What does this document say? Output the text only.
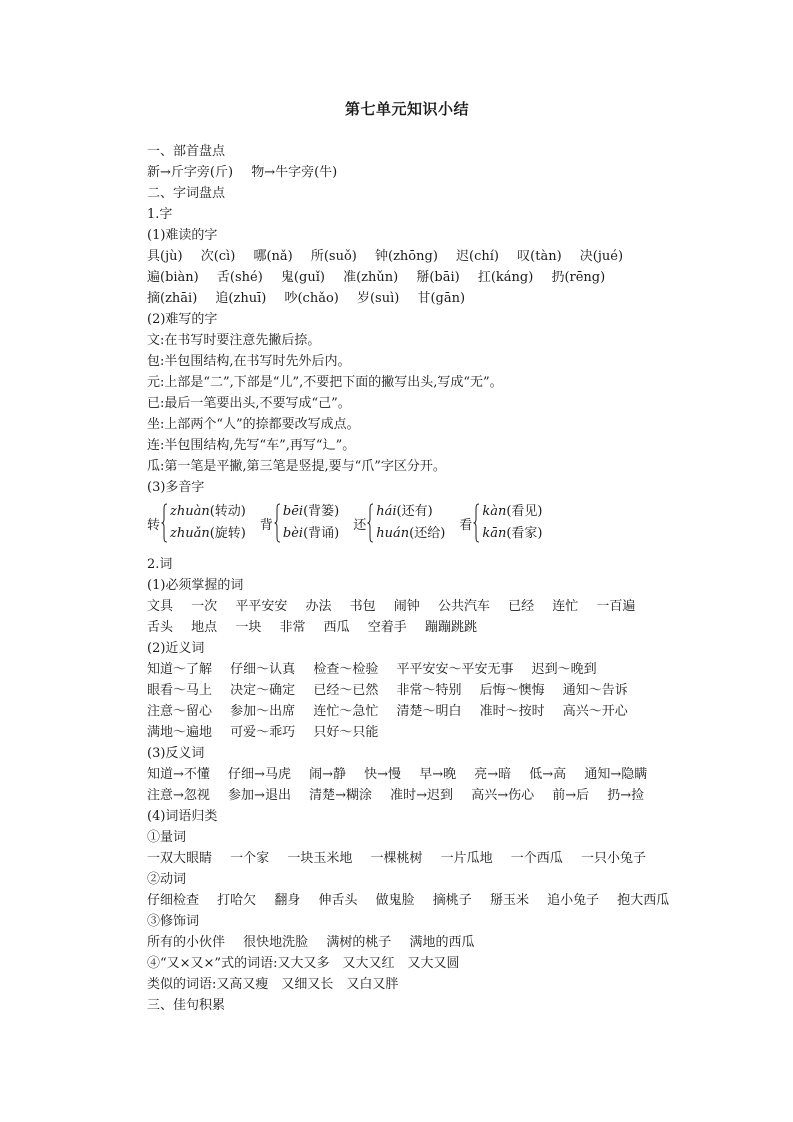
第七单元知识小结
一、部首盘点
新→斤字旁(斤) 物→牛字旁(牛)
二、字词盘点
1.字
(1)难读的字
具(jù) 次(cì) 哪(nǎ) 所(suǒ) 钟(zhōng) 迟(chí) 叹(tàn) 决(jué)
遍(biàn) 舌(shé) 鬼(guǐ) 准(zhǔn) 掰(bāi) 扛(káng) 扔(rēng)
摘(zhāi) 追(zhuī) 吵(chǎo) 岁(suì) 甘(gān)
(2)难写的字
文:在书写时要注意先撇后捺。
包:半包围结构,在书写时先外后内。
元:上部是“二”,下部是“儿”,不要把下面的撇写出头,写成“无”。
已:最后一笔要出头,不要写成“己”。
坐:上部两个“人”的捺都要改写成点。
连:半包围结构,先写“车”,再写“辶”。
瓜:第一笔是平撇,第三笔是竖提,要与“爪”字区分开。
(3)多音字
转
zhuàn(转动)
zhuǎn(旋转)
背
bēi(背篓)
bèi(背诵)
还
hái(还有)
huán(还给)
看
kàn(看见)
kān(看家)
2.词
(1)必须掌握的词
文具 一次 平平安安 办法 书包 闹钟 公共汽车 已经 连忙 一百遍
舌头 地点 一块 非常 西瓜 空着手 蹦蹦跳跳
(2)近义词
知道～了解 仔细～认真 检查～检验 平平安安～平安无事 迟到～晚到
眼看～马上 决定～确定 已经～已然 非常～特别 后悔～懊悔 通知～告诉
注意～留心 参加～出席 连忙～急忙 清楚～明白 准时～按时 高兴～开心
满地～遍地 可爱～乖巧 只好～只能
(3)反义词
知道→不懂 仔细→马虎 闹→静 快→慢 早→晚 亮→暗 低→高 通知→隐瞒
注意→忽视 参加→退出 清楚→糊涂 准时→迟到 高兴→伤心 前→后 扔→捡
(4)词语归类
①量词
一双大眼睛 一个家 一块玉米地 一棵桃树 一片瓜地 一个西瓜 一只小兔子
②动词
仔细检查 打哈欠 翻身 伸舌头 做鬼脸 摘桃子 掰玉米 追小兔子 抱大西瓜
③修饰词
所有的小伙伴 很快地洗脸 满树的桃子 满地的西瓜
④“又×又×”式的词语:又大又多　又大又红　又大又圆
类似的词语:又高又瘦　又细又长　又白又胖
三、佳句积累
